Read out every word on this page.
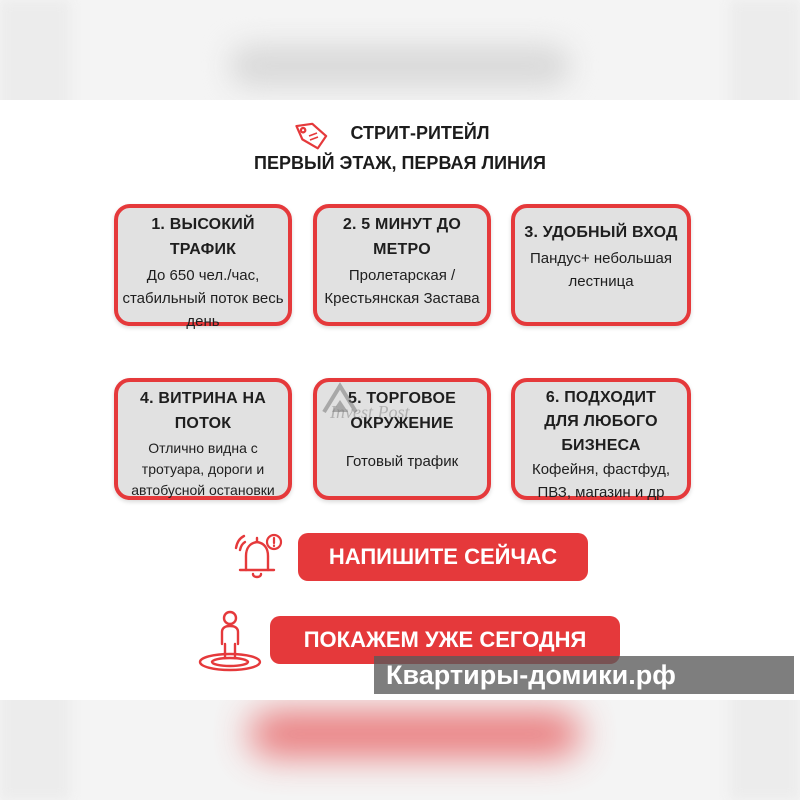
СТРИТ-РИТЕЙЛ
ПЕРВЫЙ ЭТАЖ, ПЕРВАЯ ЛИНИЯ
1. ВЫСОКИЙ ТРАФИК
До 650 чел./час, стабильный поток весь день
2. 5 МИНУТ ДО МЕТРО
Пролетарская / Крестьянская Застава
3. УДОБНЫЙ ВХОД
Пандус+ небольшая лестница
4. ВИТРИНА НА ПОТОК
Отлично видна с тротуара, дороги и автобусной остановки
5. ТОРГОВОЕ ОКРУЖЕНИЕ
Готовый трафик
6. ПОДХОДИТ ДЛЯ ЛЮБОГО БИЗНЕСА
Кофейня, фастфуд, ПВЗ, магазин и др
Invest Post
НАПИШИТЕ СЕЙЧАС
ПОКАЖЕМ УЖЕ СЕГОДНЯ
Квартиры-домики.рф
